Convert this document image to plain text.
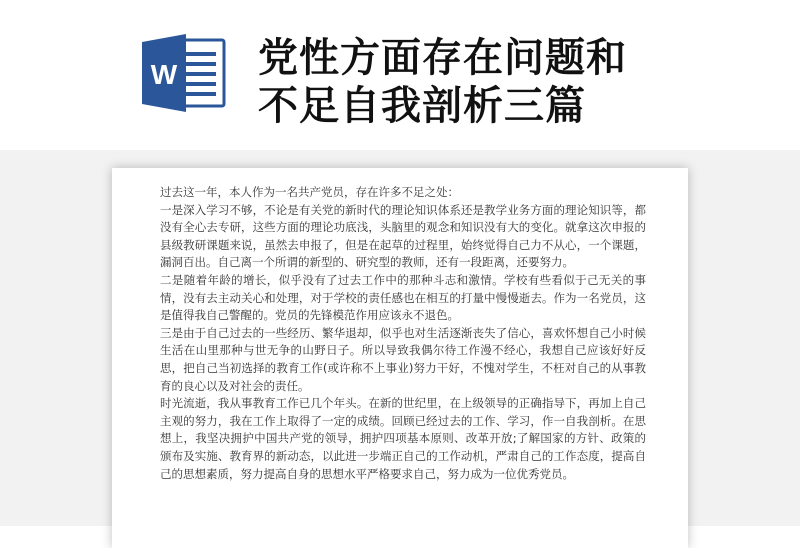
W 党性方面存在问题和
不足自我剖析三篇

过去这一年，本人作为一名共产党员，存在许多不足之处：

一是深入学习不够，不论是有关党的新时代的理论知识体系还是教学业务方面的理论知识等，都没有全心去专研，这些方面的理论功底浅，头脑里的观念和知识没有大的变化。就拿这次申报的县级教研课题来说，虽然去申报了，但是在起草的过程里，始终觉得自己力不从心，一个课题，漏洞百出。自己离一个所谓的新型的、研究型的教师，还有一段距离，还要努力。

二是随着年龄的增长，似乎没有了过去工作中的那种斗志和激情。学校有些看似于己无关的事情，没有去主动关心和处理，对于学校的责任感也在相互的打量中慢慢逝去。作为一名党员，这是值得我自己警醒的。党员的先锋模范作用应该永不退色。

三是由于自己过去的一些经历、繁华退却，似乎也对生活逐渐丧失了信心，喜欢怀想自己小时候生活在山里那种与世无争的山野日子。所以导致我偶尔待工作漫不经心，我想自己应该好好反思，把自己当初选择的教育工作(或许称不上事业)努力干好，不愧对学生，不枉对自己的从事教育的良心以及对社会的责任。

时光流逝，我从事教育工作已几个年头。在新的世纪里，在上级领导的正确指导下，再加上自己主观的努力，我在工作上取得了一定的成绩。回顾已经过去的工作、学习，作一自我剖析。在思想上，我坚决拥护中国共产党的领导，拥护四项基本原则、改革开放;了解国家的方针、政策的颁布及实施、教育界的新动态，以此进一步端正自己的工作动机，严肃自己的工作态度，提高自己的思想素质，努力提高自身的思想水平严格要求自己，努力成为一位优秀党员。
